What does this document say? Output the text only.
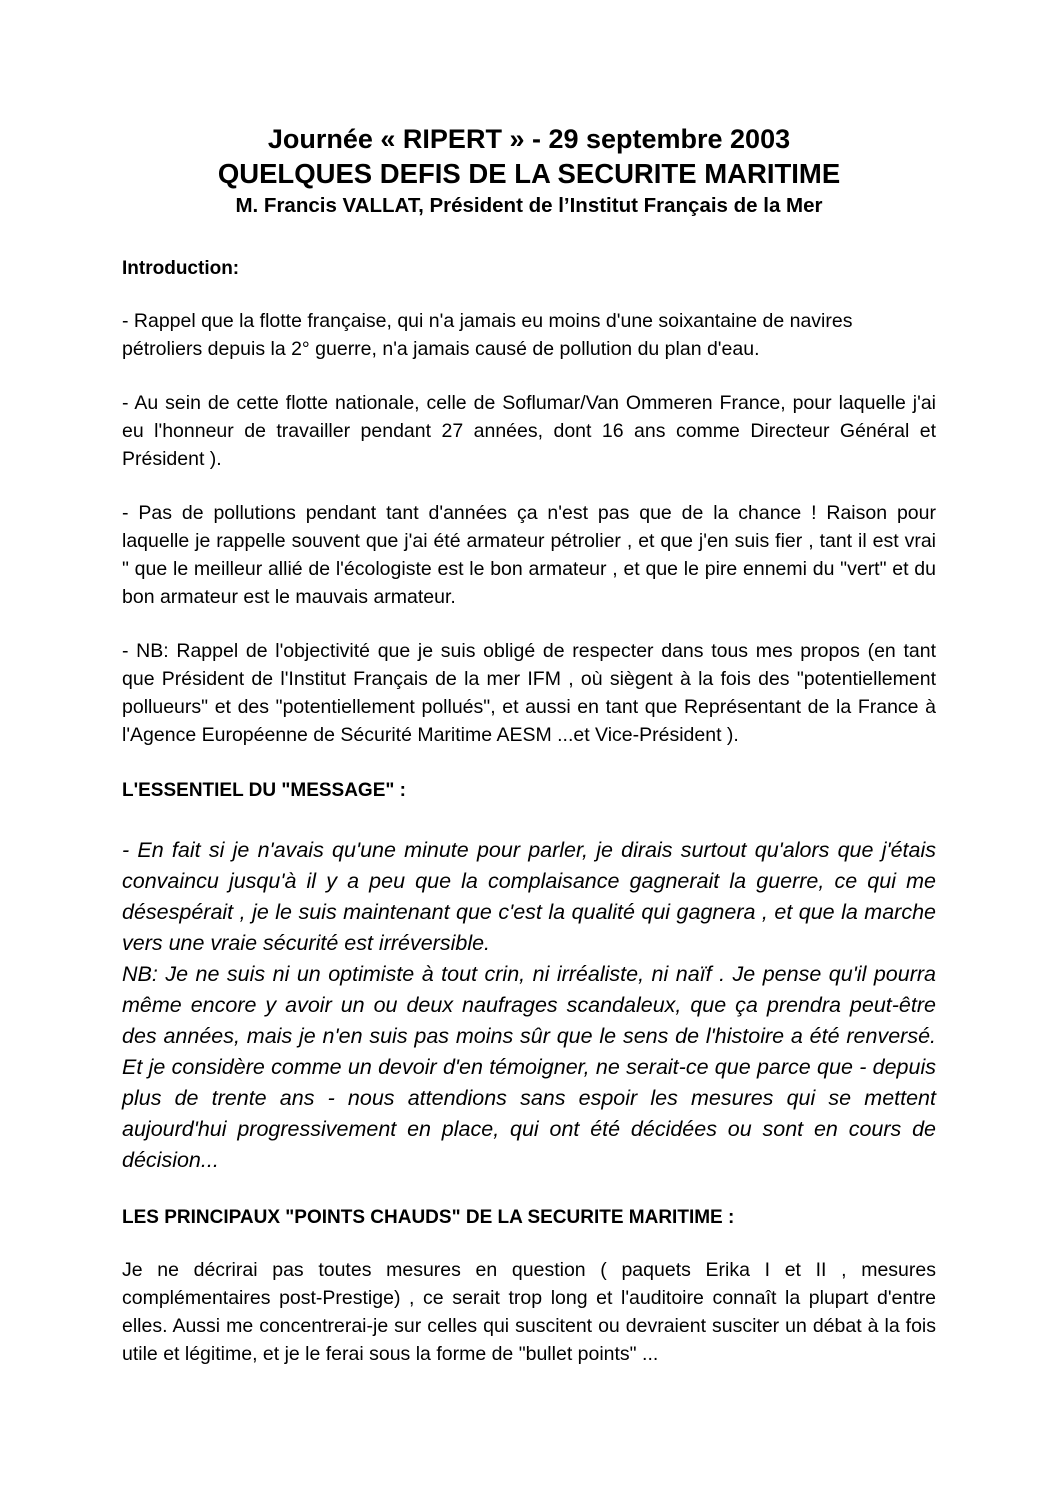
Journée « RIPERT » - 29 septembre 2003
QUELQUES DEFIS DE LA SECURITE MARITIME
M. Francis VALLAT, Président de l’Institut Français de la Mer
Introduction:
- Rappel que la flotte française, qui n'a jamais eu moins d'une soixantaine de navires pétroliers depuis la 2° guerre, n'a jamais causé de pollution du plan d'eau.
- Au sein de cette flotte nationale, celle de Soflumar/Van Ommeren France, pour laquelle j'ai eu l'honneur de travailler pendant 27 années, dont 16 ans comme Directeur Général et Président ).
- Pas de pollutions pendant tant d'années ça n'est pas que de la chance ! Raison pour laquelle je rappelle souvent que j'ai été armateur pétrolier , et que j'en suis fier , tant il est vrai " que le meilleur allié de l'écologiste est le bon armateur , et que le pire ennemi du "vert" et du bon armateur est le mauvais armateur.
- NB: Rappel de l'objectivité que je suis obligé de respecter dans tous mes propos (en tant que Président de l'Institut Français de la mer IFM , où siègent à la fois des "potentiellement pollueurs" et des "potentiellement pollués", et aussi en tant que Représentant de la France à l'Agence Européenne de Sécurité Maritime AESM ...et Vice-Président ).
L'ESSENTIEL DU "MESSAGE" :
- En fait si je n'avais qu'une minute pour parler, je dirais surtout qu'alors que j'étais convaincu jusqu'à il y a peu que la complaisance gagnerait la guerre, ce qui me désespérait , je le suis maintenant que c'est la qualité qui gagnera , et que la marche vers une vraie sécurité est irréversible.
NB: Je ne suis ni un optimiste à tout crin, ni irréaliste, ni naïf . Je pense qu'il pourra même encore y avoir un ou deux naufrages scandaleux, que ça prendra peut-être des années, mais je n'en suis pas moins sûr que le sens de l'histoire a été renversé. Et je considère comme un devoir d'en témoigner, ne serait-ce que parce que - depuis plus de trente ans - nous attendions sans espoir les mesures qui se mettent aujourd'hui progressivement en place, qui ont été décidées ou sont en cours de décision...
LES PRINCIPAUX "POINTS CHAUDS" DE LA SECURITE MARITIME :
Je ne décrirai pas toutes mesures en question ( paquets Erika I et II , mesures complémentaires post-Prestige) , ce serait trop long et l'auditoire connaît la plupart d'entre elles. Aussi me concentrerai-je sur celles qui suscitent ou devraient susciter un débat à la fois utile et légitime, et je le ferai sous la forme de "bullet points" ...
